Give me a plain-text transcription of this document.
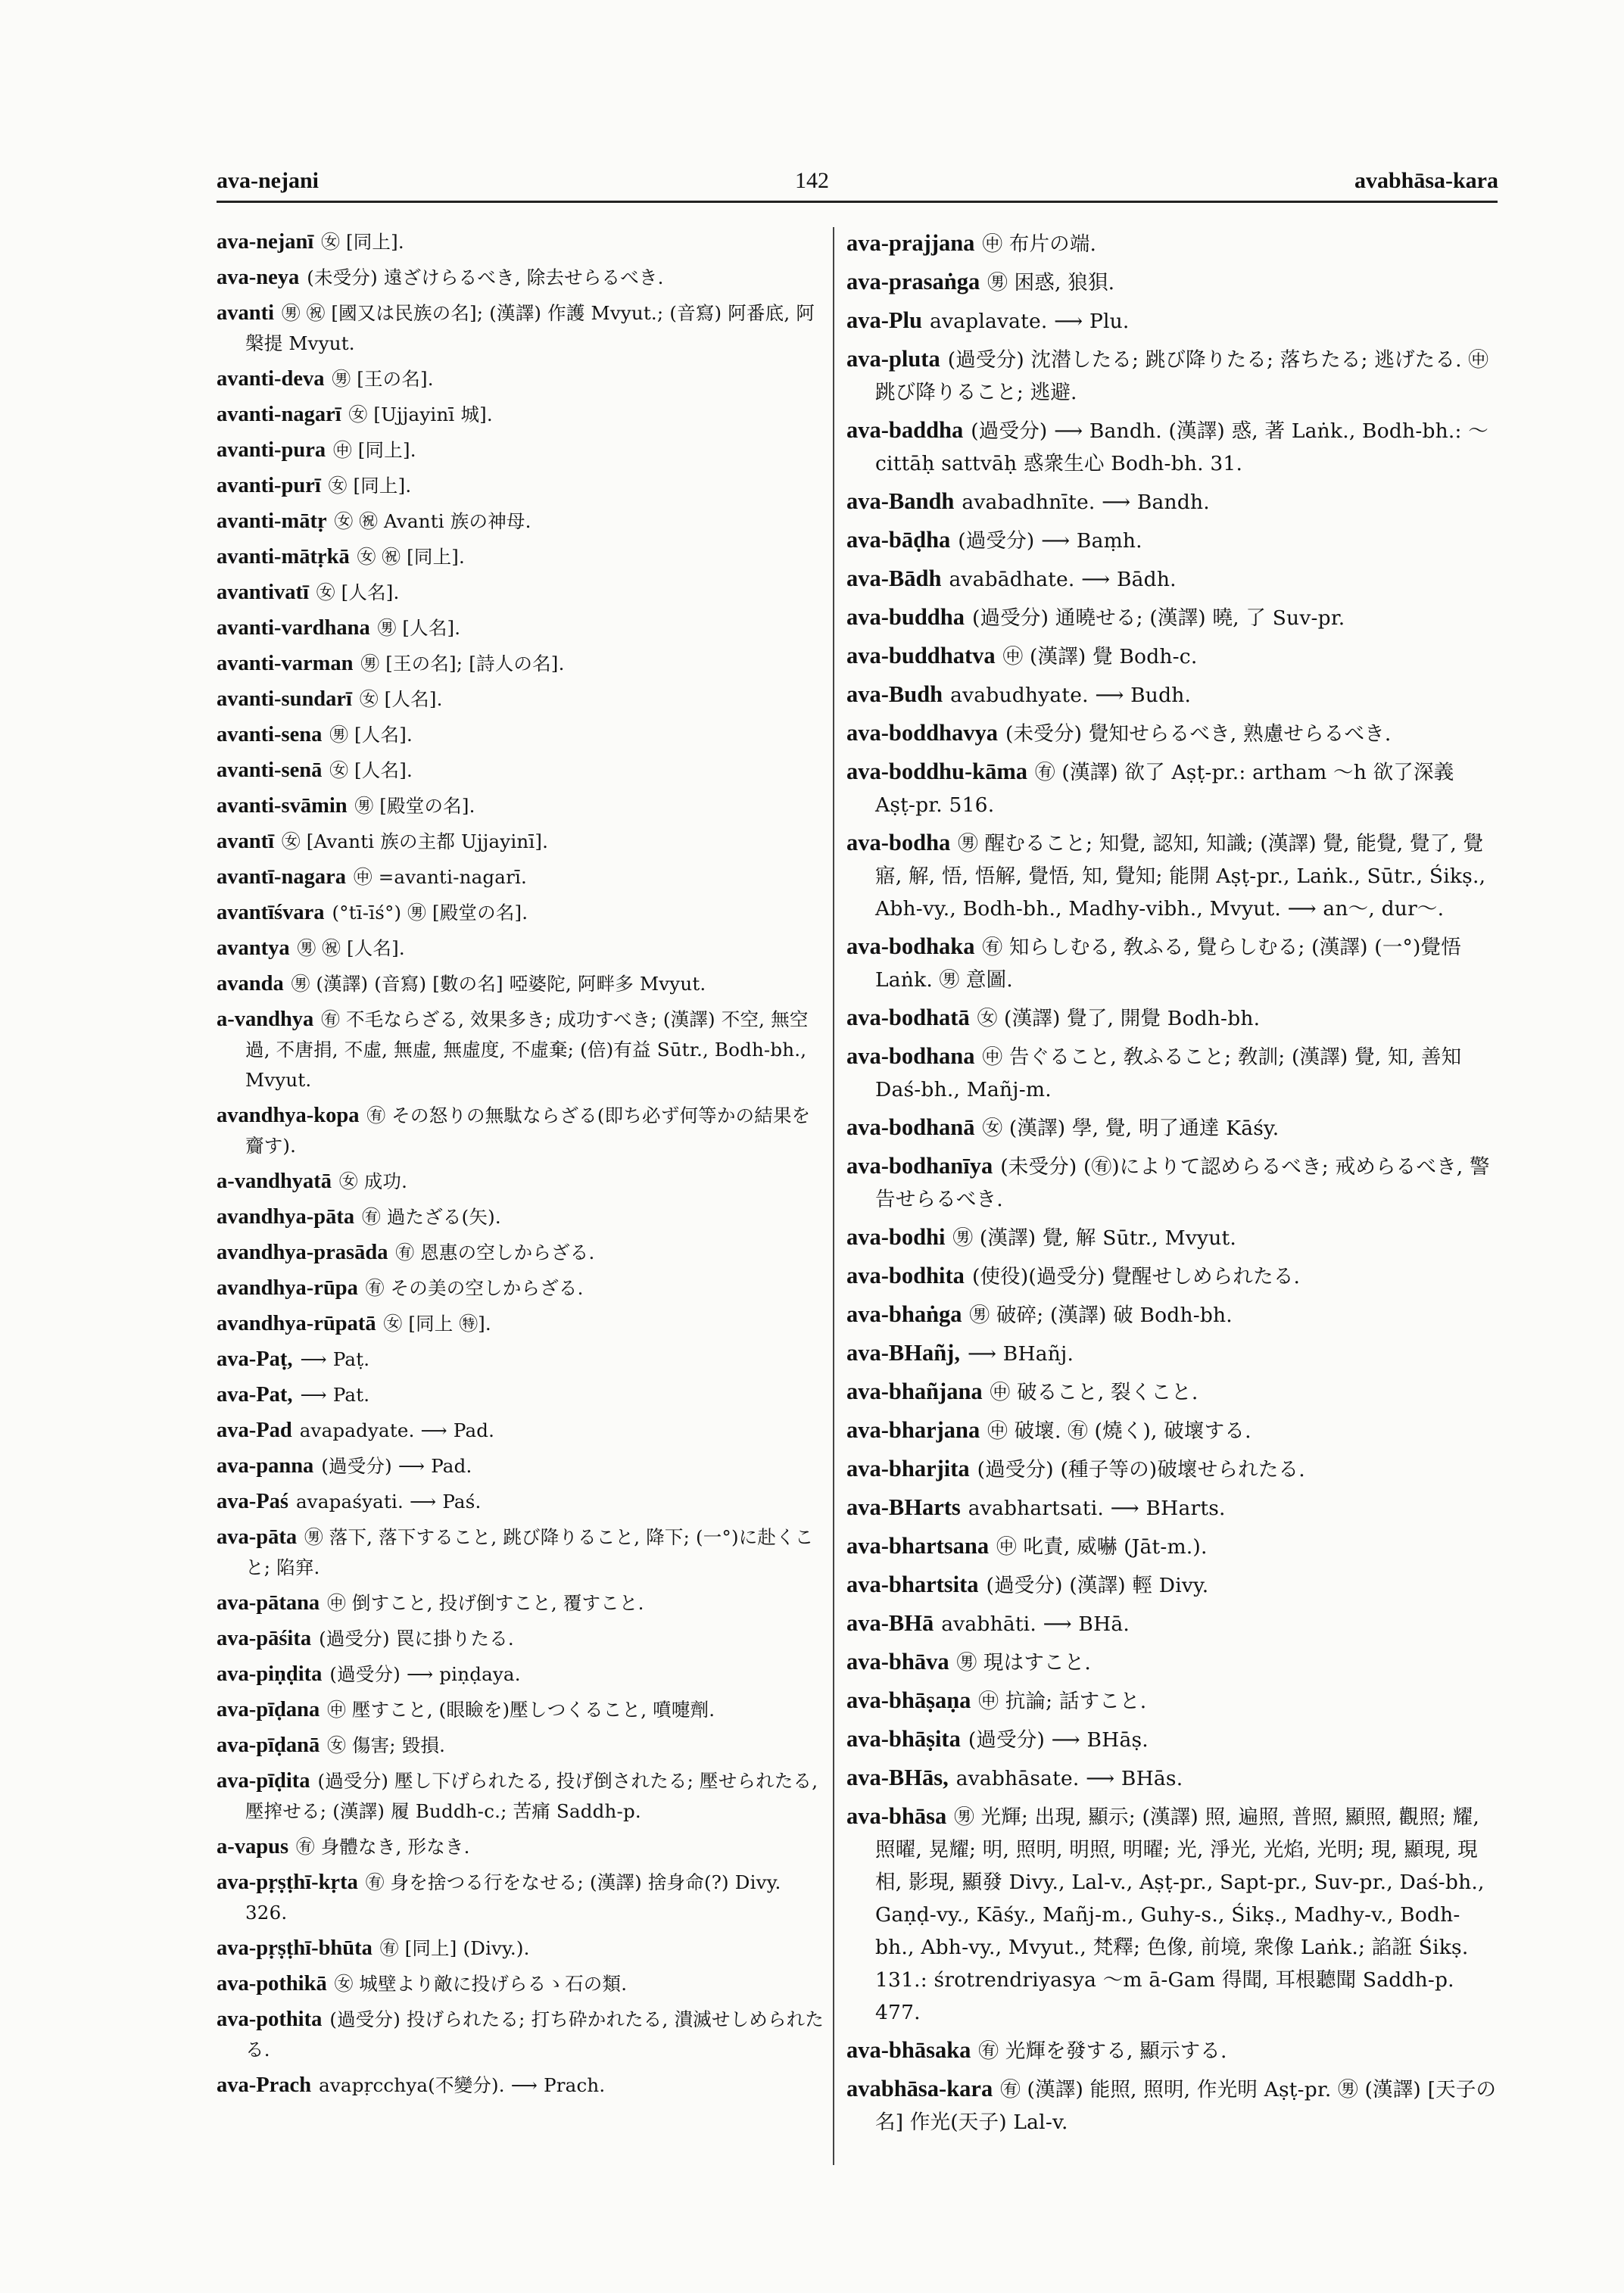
142
ava-nejani	avabhāsa-kara
ava-nejanī ㊛ [同上].
ava-neya (未受分) 遠ざけらるべき, 除去せらるべき.
avanti ㊚ ㊗ [國又は民族の名]; (漢譯) 作護 Mvyut.; (音寫) 阿番底, 阿槃提 Mvyut.
avanti-deva ㊚ [王の名].
avanti-nagarī ㊛ [Ujjayinī 城].
avanti-pura ㊥ [同上].
avanti-purī ㊛ [同上].
avanti-mātṛ ㊛ ㊗ Avanti 族の神母.
avanti-mātṛkā ㊛ ㊗ [同上].
avantivatī ㊛ [人名].
avanti-vardhana ㊚ [人名].
avanti-varman ㊚ [王の名]; [詩人の名].
avanti-sundarī ㊛ [人名].
avanti-sena ㊚ [人名].
avanti-senā ㊛ [人名].
avanti-svāmin ㊚ [殿堂の名].
avantī ㊛ [Avanti 族の主都 Ujjayinī].
avantī-nagara ㊥ =avanti-nagarī.
avantīśvara (°tī-īś°) ㊚ [殿堂の名].
avantya ㊚ ㊗ [人名].
avanda ㊚ (漢譯) (音寫) [數の名] 啞婆陀, 阿畔多 Mvyut.
a-vandhya ㊒ 不毛ならざる, 效果多き; 成功すべき; (漢譯) 不空, 無空過, 不唐捐, 不虛, 無虛, 無虛度, 不虛棄; (倍)有益 Sūtr., Bodh-bh., Mvyut.
avandhya-kopa ㊒ その怒りの無駄ならざる(即ち必ず何等かの結果を齎す).
a-vandhyatā ㊛ 成功.
avandhya-pāta ㊒ 過たざる(矢).
avandhya-prasāda ㊒ 恩惠の空しからざる.
avandhya-rūpa ㊒ その美の空しからざる.
avandhya-rūpatā ㊛ [同上 ㊕].
ava-Paṭ, ⟶ Paṭ.
ava-Pat, ⟶ Pat.
ava-Pad avapadyate. ⟶ Pad.
ava-panna (過受分) ⟶ Pad.
ava-Paś avapaśyati. ⟶ Paś.
ava-pāta ㊚ 落下, 落下すること, 跳び降りること, 降下; (一°)に赴くこと; 陷穽.
ava-pātana ㊥ 倒すこと, 投げ倒すこと, 覆すこと.
ava-pāśita (過受分) 罠に掛りたる.
ava-piṇḍita (過受分) ⟶ piṇḍaya.
ava-pīḍana ㊥ 壓すこと, (眼瞼を)壓しつくること, 噴嚏劑.
ava-pīḍanā ㊛ 傷害; 毀損.
ava-pīḍita (過受分) 壓し下げられたる, 投げ倒されたる; 壓せられたる, 壓搾せる; (漢譯) 履 Buddh-c.; 苦痛 Saddh-p.
a-vapus ㊒ 身體なき, 形なき.
ava-pṛṣṭhī-kṛta ㊒ 身を捨つる行をなせる; (漢譯) 捨身命(?) Divy. 326.
ava-pṛṣṭhī-bhūta ㊒ [同上] (Divy.).
ava-pothikā ㊛ 城壁より敵に投げらるゝ石の類.
ava-pothita (過受分) 投げられたる; 打ち砕かれたる, 潰滅せしめられたる.
ava-Prach avapṛcchya(不變分). ⟶ Prach.
ava-prajjana ㊥ 布片の端.
ava-prasaṅga ㊚ 困惑, 狼狽.
ava-Plu avaplavate. ⟶ Plu.
ava-pluta (過受分) 沈潜したる; 跳び降りたる; 落ちたる; 逃げたる. ㊥ 跳び降りること; 逃避.
ava-baddha (過受分) ⟶ Bandh. (漢譯) 惑, 著 Laṅk., Bodh-bh.: ～cittāḥ sattvāḥ 惑衆生心 Bodh-bh. 31.
ava-Bandh avabadhnīte. ⟶ Bandh.
ava-bāḍha (過受分) ⟶ Baṃh.
ava-Bādh avabādhate. ⟶ Bādh.
ava-buddha (過受分) 通曉せる; (漢譯) 曉, 了 Suv-pr.
ava-buddhatva ㊥ (漢譯) 覺 Bodh-c.
ava-Budh avabudhyate. ⟶ Budh.
ava-boddhavya (未受分) 覺知せらるべき, 熟慮せらるべき.
ava-boddhu-kāma ㊒ (漢譯) 欲了 Aṣṭ-pr.: artham ～h 欲了深義 Aṣṭ-pr. 516.
ava-bodha ㊚ 醒むること; 知覺, 認知, 知識; (漢譯) 覺, 能覺, 覺了, 覺寤, 解, 悟, 悟解, 覺悟, 知, 覺知; 能開 Aṣṭ-pr., Laṅk., Sūtr., Śikṣ., Abh-vy., Bodh-bh., Madhy-vibh., Mvyut. ⟶ an～, dur～.
ava-bodhaka ㊒ 知らしむる, 敎ふる, 覺らしむる; (漢譯) (一°)覺悟 Laṅk. ㊚ 意圖.
ava-bodhatā ㊛ (漢譯) 覺了, 開覺 Bodh-bh.
ava-bodhana ㊥ 告ぐること, 敎ふること; 敎訓; (漢譯) 覺, 知, 善知 Daś-bh., Mañj-m.
ava-bodhanā ㊛ (漢譯) 學, 覺, 明了通達 Kāśy.
ava-bodhanīya (未受分) (㊒)によりて認めらるべき; 戒めらるべき, 警告せらるべき.
ava-bodhi ㊚ (漢譯) 覺, 解 Sūtr., Mvyut.
ava-bodhita (使役)(過受分) 覺醒せしめられたる.
ava-bhaṅga ㊚ 破碎; (漢譯) 破 Bodh-bh.
ava-BHañj, ⟶ BHañj.
ava-bhañjana ㊥ 破ること, 裂くこと.
ava-bharjana ㊥ 破壞. ㊒ (燒く), 破壞する.
ava-bharjita (過受分) (種子等の)破壞せられたる.
ava-BHarts avabhartsati. ⟶ BHarts.
ava-bhartsana ㊥ 叱責, 威嚇 (Jāt-m.).
ava-bhartsita (過受分) (漢譯) 輕 Divy.
ava-BHā avabhāti. ⟶ BHā.
ava-bhāva ㊚ 現はすこと.
ava-bhāṣaṇa ㊥ 抗論; 話すこと.
ava-bhāṣita (過受分) ⟶ BHāṣ.
ava-BHās, avabhāsate. ⟶ BHās.
ava-bhāsa ㊚ 光輝; 出現, 顯示; (漢譯) 照, 遍照, 普照, 顯照, 觀照; 耀, 照曜, 晃耀; 明, 照明, 明照, 明曜; 光, 淨光, 光焰, 光明; 現, 顯現, 現相, 影現, 顯發 Divy., Lal-v., Aṣṭ-pr., Sapt-pr., Suv-pr., Daś-bh., Gaṇḍ-vy., Kāśy., Mañj-m., Guhy-s., Śikṣ., Madhy-v., Bodh-bh., Abh-vy., Mvyut., 梵釋; 色像, 前境, 衆像 Laṅk.; 諂誑 Śikṣ. 131.: śrotrendriyasya ～m ā-Gam 得聞, 耳根聽聞 Saddh-p. 477.
ava-bhāsaka ㊒ 光輝を發する, 顯示する.
avabhāsa-kara ㊒ (漢譯) 能照, 照明, 作光明 Aṣṭ-pr. ㊚ (漢譯) [天子の名] 作光(天子) Lal-v.
